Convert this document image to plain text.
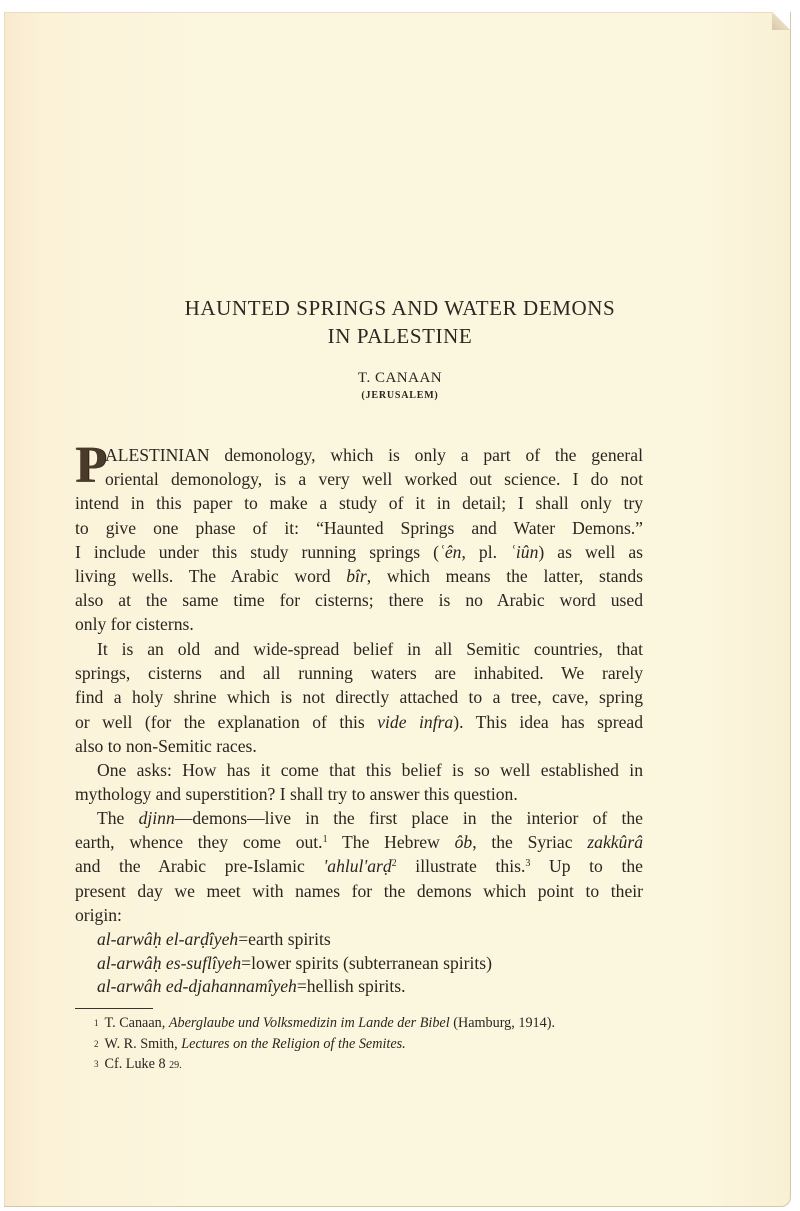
HAUNTED SPRINGS AND WATER DEMONS
IN PALESTINE
T. CANAAN
(JERUSALEM)
P
ALESTINIAN demonology, which is only a part of the general
oriental demonology, is a very well worked out science. I do not
intend in this paper to make a study of it in detail; I shall only try
to give one phase of it: “Haunted Springs and Water Demons.”
I include under this study running springs (ʿên, pl. ʿiûn) as well as
living wells. The Arabic word bîr, which means the latter, stands
also at the same time for cisterns; there is no Arabic word used
only for cisterns.
It is an old and wide-spread belief in all Semitic countries, that
springs, cisterns and all running waters are inhabited. We rarely
find a holy shrine which is not directly attached to a tree, cave, spring
or well (for the explanation of this vide infra). This idea has spread
also to non-Semitic races.
One asks: How has it come that this belief is so well established in
mythology and superstition? I shall try to answer this question.
The djinn—demons—live in the first place in the interior of the
earth, whence they come out.$^1$ The Hebrew ôb, the Syriac zakkûrâ
and the Arabic pre-Islamic 'ahlul'arḍ$^2$ illustrate this.$^3$ Up to the
present day we meet with names for the demons which point to their
origin:
al-arwâḥ el-arḍîyeh=earth spirits
al-arwâḥ es-suflîyeh=lower spirits (subterranean spirits)
al-arwâh ed-djahannamîyeh=hellish spirits.
1 T. Canaan, Aberglaube und Volksmedizin im Lande der Bibel (Hamburg, 1914).
2 W. R. Smith, Lectures on the Religion of the Semites.
3 Cf. Luke 8 29.
